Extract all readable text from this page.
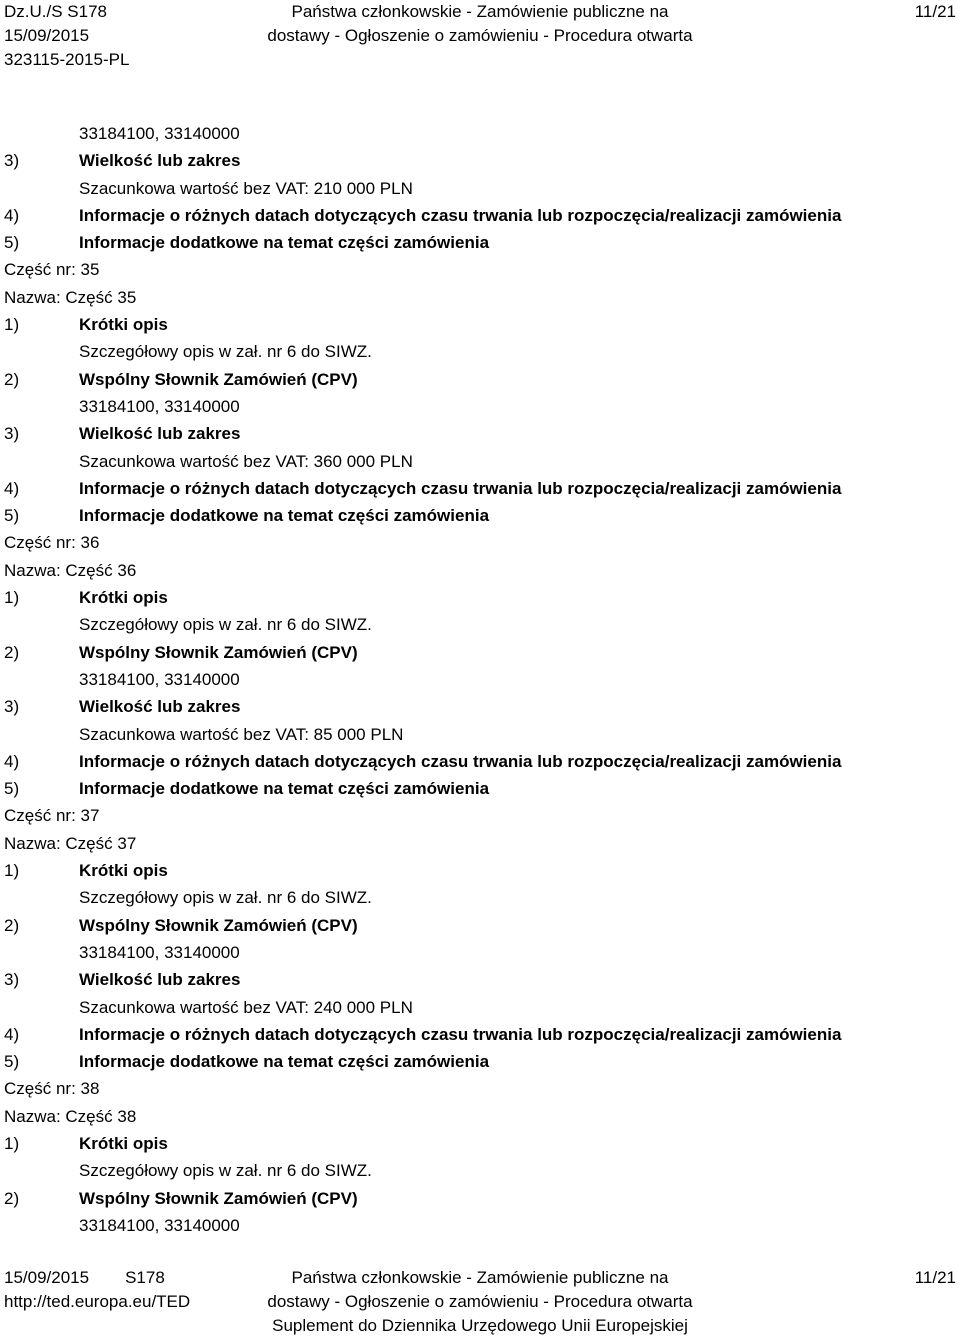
Dz.U./S S178
15/09/2015
323115-2015-PL
Państwa członkowskie - Zamówienie publiczne na
dostawy - Ogłoszenie o zamówieniu - Procedura otwarta
11/21
33184100, 33140000
3)	Wielkość lub zakres
Szacunkowa wartość bez VAT: 210 000 PLN
4)	Informacje o różnych datach dotyczących czasu trwania lub rozpoczęcia/realizacji zamówienia
5)	Informacje dodatkowe na temat części zamówienia
Część nr: 35
Nazwa: Część 35
1)	Krótki opis
Szczegółowy opis w zał. nr 6 do SIWZ.
2)	Wspólny Słownik Zamówień (CPV)
33184100, 33140000
3)	Wielkość lub zakres
Szacunkowa wartość bez VAT: 360 000 PLN
4)	Informacje o różnych datach dotyczących czasu trwania lub rozpoczęcia/realizacji zamówienia
5)	Informacje dodatkowe na temat części zamówienia
Część nr: 36
Nazwa: Część 36
1)	Krótki opis
Szczegółowy opis w zał. nr 6 do SIWZ.
2)	Wspólny Słownik Zamówień (CPV)
33184100, 33140000
3)	Wielkość lub zakres
Szacunkowa wartość bez VAT: 85 000 PLN
4)	Informacje o różnych datach dotyczących czasu trwania lub rozpoczęcia/realizacji zamówienia
5)	Informacje dodatkowe na temat części zamówienia
Część nr: 37
Nazwa: Część 37
1)	Krótki opis
Szczegółowy opis w zał. nr 6 do SIWZ.
2)	Wspólny Słownik Zamówień (CPV)
33184100, 33140000
3)	Wielkość lub zakres
Szacunkowa wartość bez VAT: 240 000 PLN
4)	Informacje o różnych datach dotyczących czasu trwania lub rozpoczęcia/realizacji zamówienia
5)	Informacje dodatkowe na temat części zamówienia
Część nr: 38
Nazwa: Część 38
1)	Krótki opis
Szczegółowy opis w zał. nr 6 do SIWZ.
2)	Wspólny Słownik Zamówień (CPV)
33184100, 33140000
15/09/2015 S178
http://ted.europa.eu/TED
Państwa członkowskie - Zamówienie publiczne na
dostawy - Ogłoszenie o zamówieniu - Procedura otwarta
Suplement do Dziennika Urzędowego Unii Europejskiej
11/21
